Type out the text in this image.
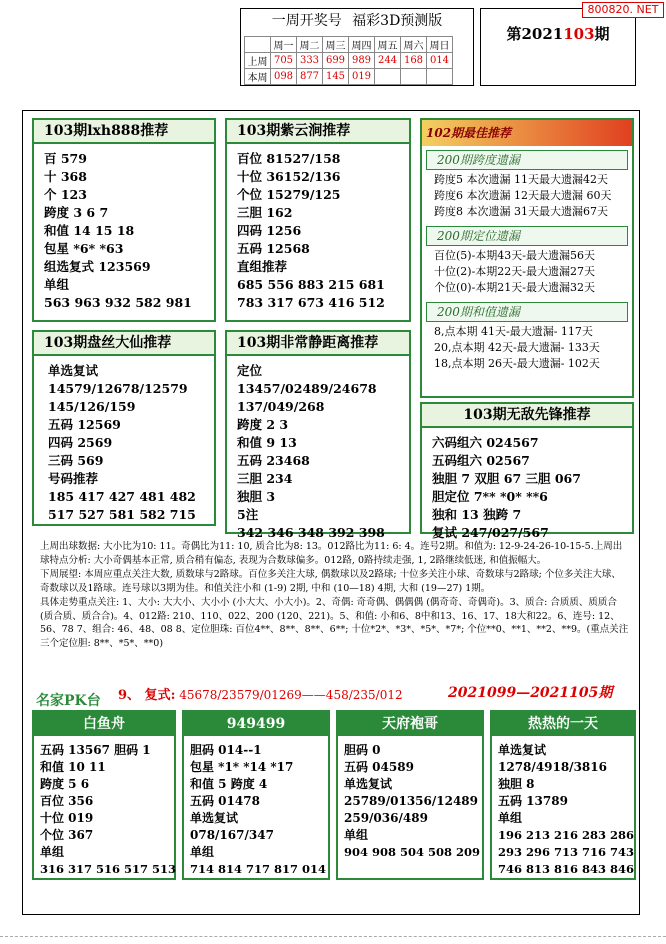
一周开奖号 福彩3D预测版
	周一	周二	周三	周四	周五	周六	周日
上周	705	333	699	989	244	168	014
本周	098	877	145	019			
第2021103期
800820. NET
103期lxh888推荐
百 579
十 368
个 123
跨度 3 6 7
和值 14 15 18
包星 *6* *63
组选复式 123569
单组
563 963 932 582 981
103期紫云涧推荐
百位 81527/158
十位 36152/136
个位 15279/125
三胆 162
四码 1256
五码 12568
直组推荐
685 556 883 215 681
783 317 673 416 512
102期最佳推荐
200期跨度遗漏
跨度5 本次遗漏 11天最大遗漏42天
跨度6 本次遗漏 12天最大遗漏 60天
跨度8 本次遗漏 31天最大遗漏67天
200期定位遗漏
百位(5)-本期43天-最大遗漏56天
十位(2)-本期22天-最大遗漏27天
个位(0)-本期21天-最大遗漏32天
200期和值遗漏
8,点本期 41天-最大遗漏- 117天
20,点本期 42天-最大遗漏- 133天
18,点本期 26天-最大遗漏- 102天
103期盘丝大仙推荐
单选复试
14579/12678/12579
145/126/159
五码 12569
四码 2569
三码 569
号码推荐
185 417 427 481 482
517 527 581 582 715
103期非常静距离推荐
定位
13457/02489/24678
137/049/268
跨度 2 3
和值 9 13
五码 23468
三胆 234
独胆 3
5注
342 346 348 392 398
103期无敌先锋推荐
六码组六 024567
五码组六 02567
独胆 7 双胆 67 三胆 067
胆定位 7** *0* **6
独和 13 独跨 7
复试 247/027/567

上周出球数据: 大小比为10: 11。奇偶比为11: 10, 质合比为8: 13。012路比为11: 6: 4。连号2期。和值为: 12-9-24-26-10-15-5.上周出球特点分析: 大小奇偶基本正常, 质合稍有偏态, 表现为合数球偏多。012路, 0路持续走强, 1, 2路继续低迷, 和值振幅大。

下周展望: 本周应重点关注大数, 质数球与2路球。百位多关注大球, 偶数球以及2路球; 十位多关注小球、奇数球与2路球; 个位多关注大球、奇数球以及1路球。连号球以3期为佳。和值关注小和 (1-9) 2期, 中和 (10—18) 4期, 大和 (19—27) 1期。

具体走势重点关注: 1、大小: 大大小、大小小 (小大大、小大小)。2、奇偶: 奇奇偶、偶偶偶 (偶奇奇、奇偶奇)。3、质合: 合质质、质质合 (质合质、质合合)。4、012路: 210、110、022、200 (120、221)。5、和值: 小和6、8中和13、16、17、18大和22。6、连号: 12、56、78 7、组合: 46、48、08 8、定位胆珠: 百位4**、8**、8**、6**; 十位*2*、*3*、*5*、*7*; 个位**0、**1、**2、**9。(重点关注三个定位胆: 8**、*5*、**0)

名家PK台 9、 复式: 45678/23579/01269——458/235/012	2021099—2021105期
白鱼舟
五码 13567 胆码 1
和值 10 11
跨度 5 6
百位 356
十位 019
个位 367
单组
316 317 516 517 513
949499
胆码 014--1
包星 *1* *14 *17
和值 5 跨度 4
五码 01478
单选复试
078/167/347
单组
714 814 717 817 014
天府袍哥
胆码 0
五码 04589
单选复试
25789/01356/12489
259/036/489
单组
904 908 504 508 209
热热的一天
单选复试
1278/4918/3816
独胆 8
五码 13789
单组
196 213 216 283 286
293 296 713 716 743
746 813 816 843 846
